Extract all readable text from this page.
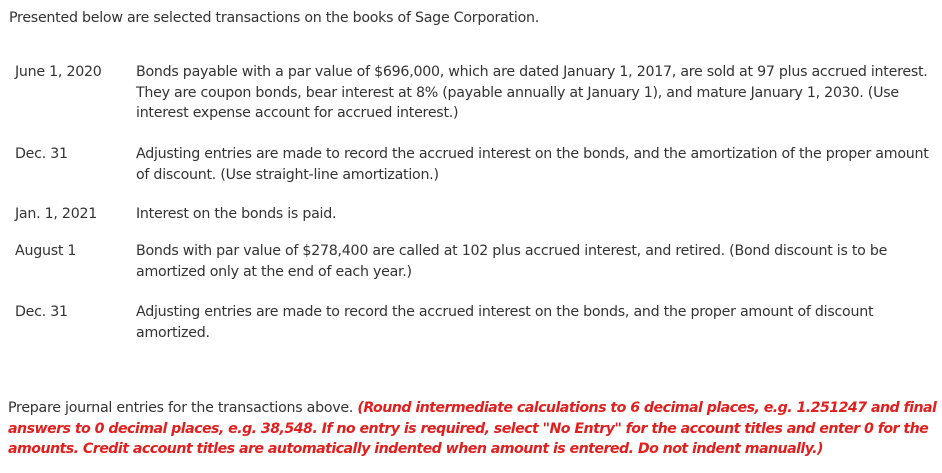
Presented below are selected transactions on the books of Sage Corporation.
June 1, 2020 Bonds payable with a par value of $696,000, which are dated January 1, 2017, are sold at 97 plus accrued interest. They are coupon bonds, bear interest at 8% (payable annually at January 1), and mature January 1, 2030. (Use interest expense account for accrued interest.)
Dec. 31	Adjusting entries are made to record the accrued interest on the bonds, and the amortization of the proper amount of discount. (Use straight-line amortization.)
Jan. 1, 2021	Interest on the bonds is paid.
August 1	Bonds with par value of $278,400 are called at 102 plus accrued interest, and retired. (Bond discount is to be amortized only at the end of each year.)
Dec. 31	Adjusting entries are made to record the accrued interest on the bonds, and the proper amount of discount amortized.
Prepare journal entries for the transactions above. (Round intermediate calculations to 6 decimal places, e.g. 1.251247 and final answers to 0 decimal places, e.g. 38,548. If no entry is required, select "No Entry" for the account titles and enter 0 for the amounts. Credit account titles are automatically indented when amount is entered. Do not indent manually.)
